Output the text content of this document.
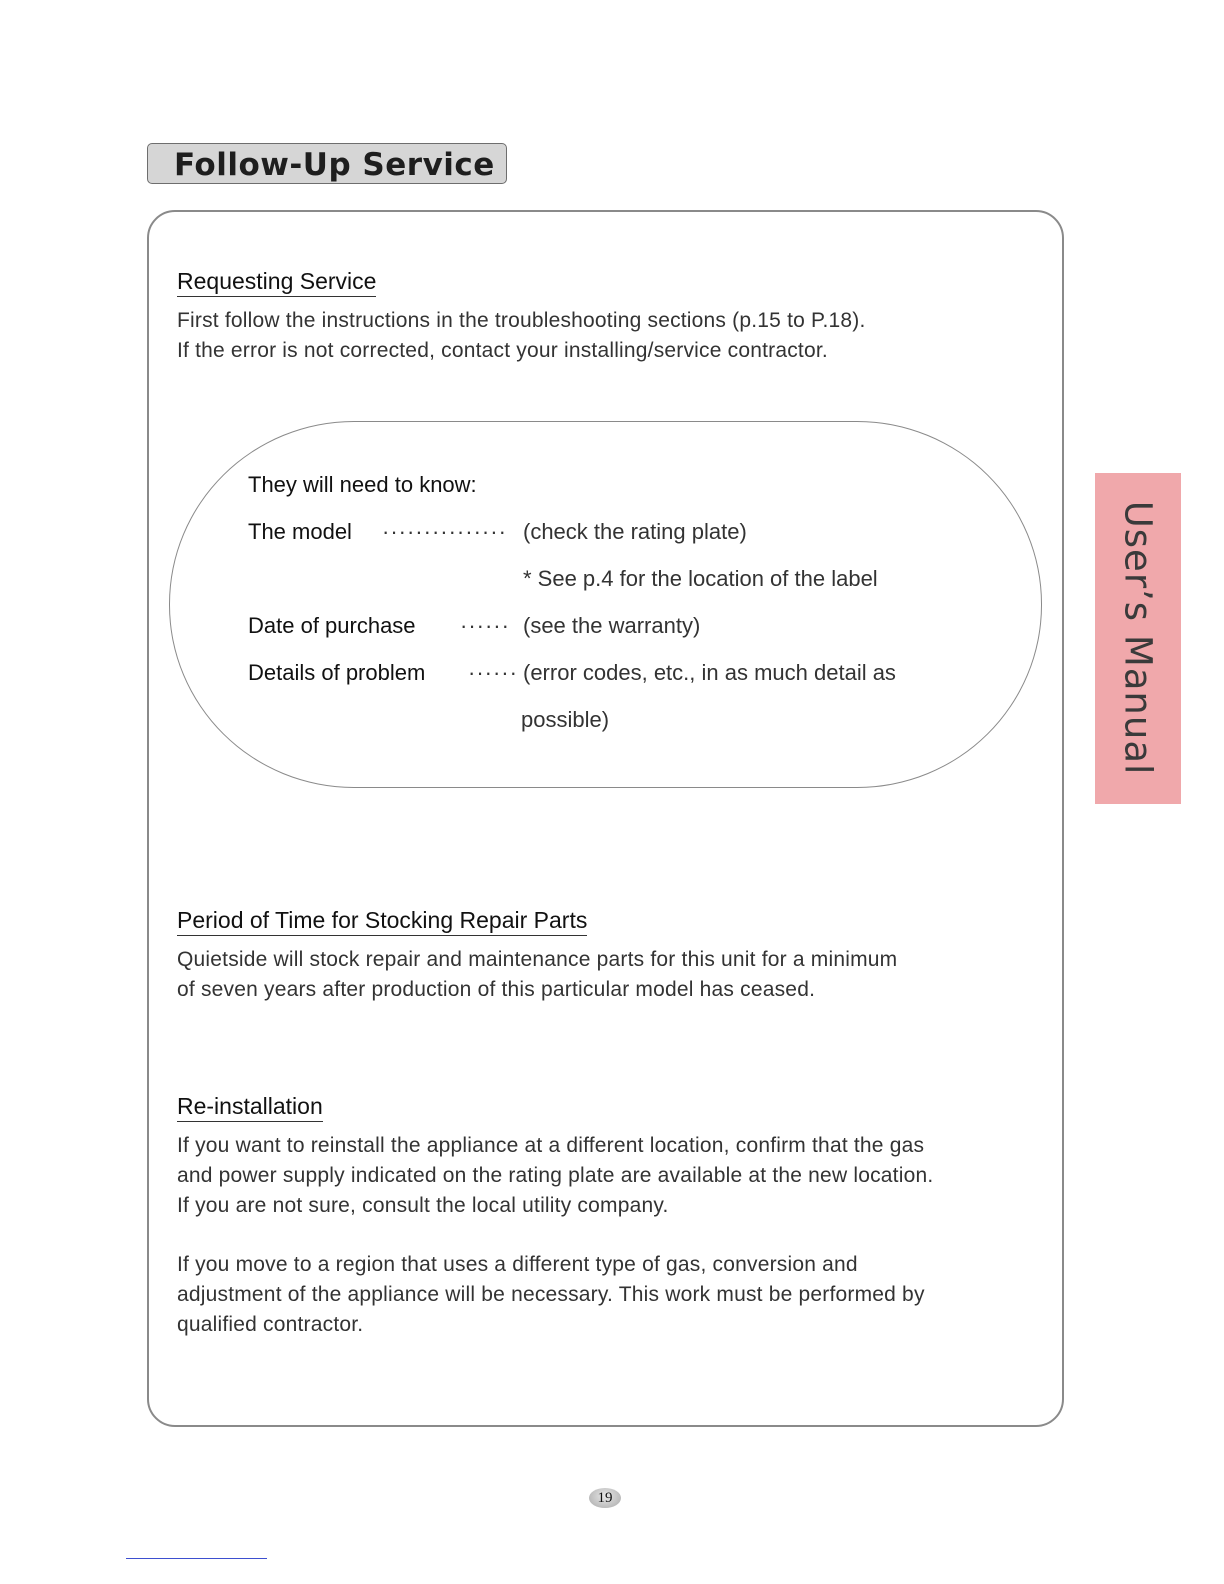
Follow-Up Service
Requesting Service

First follow the instructions in the troubleshooting sections (p.15 to P.18).

If the error is not corrected, contact your installing/service contractor.

They will need to know:
The model ··············· (check the rating plate)
* See p.4 for the location of the label
Date of purchase ······ (see the warranty)
Details of problem ······ (error codes, etc., in as much detail as
possible)
Period of Time for Stocking Repair Parts

Quietside will stock repair and maintenance parts for this unit for a minimum

of seven years after production of this particular model has ceased.

Re-installation

If you want to reinstall the appliance at a different location, confirm that the gas

and power supply indicated on the rating plate are available at the new location.

If you are not sure, consult the local utility company.

If you move to a region that uses a different type of gas, conversion and

adjustment of the appliance will be necessary. This work must be performed by

qualified contractor.

User’s Manual
19
